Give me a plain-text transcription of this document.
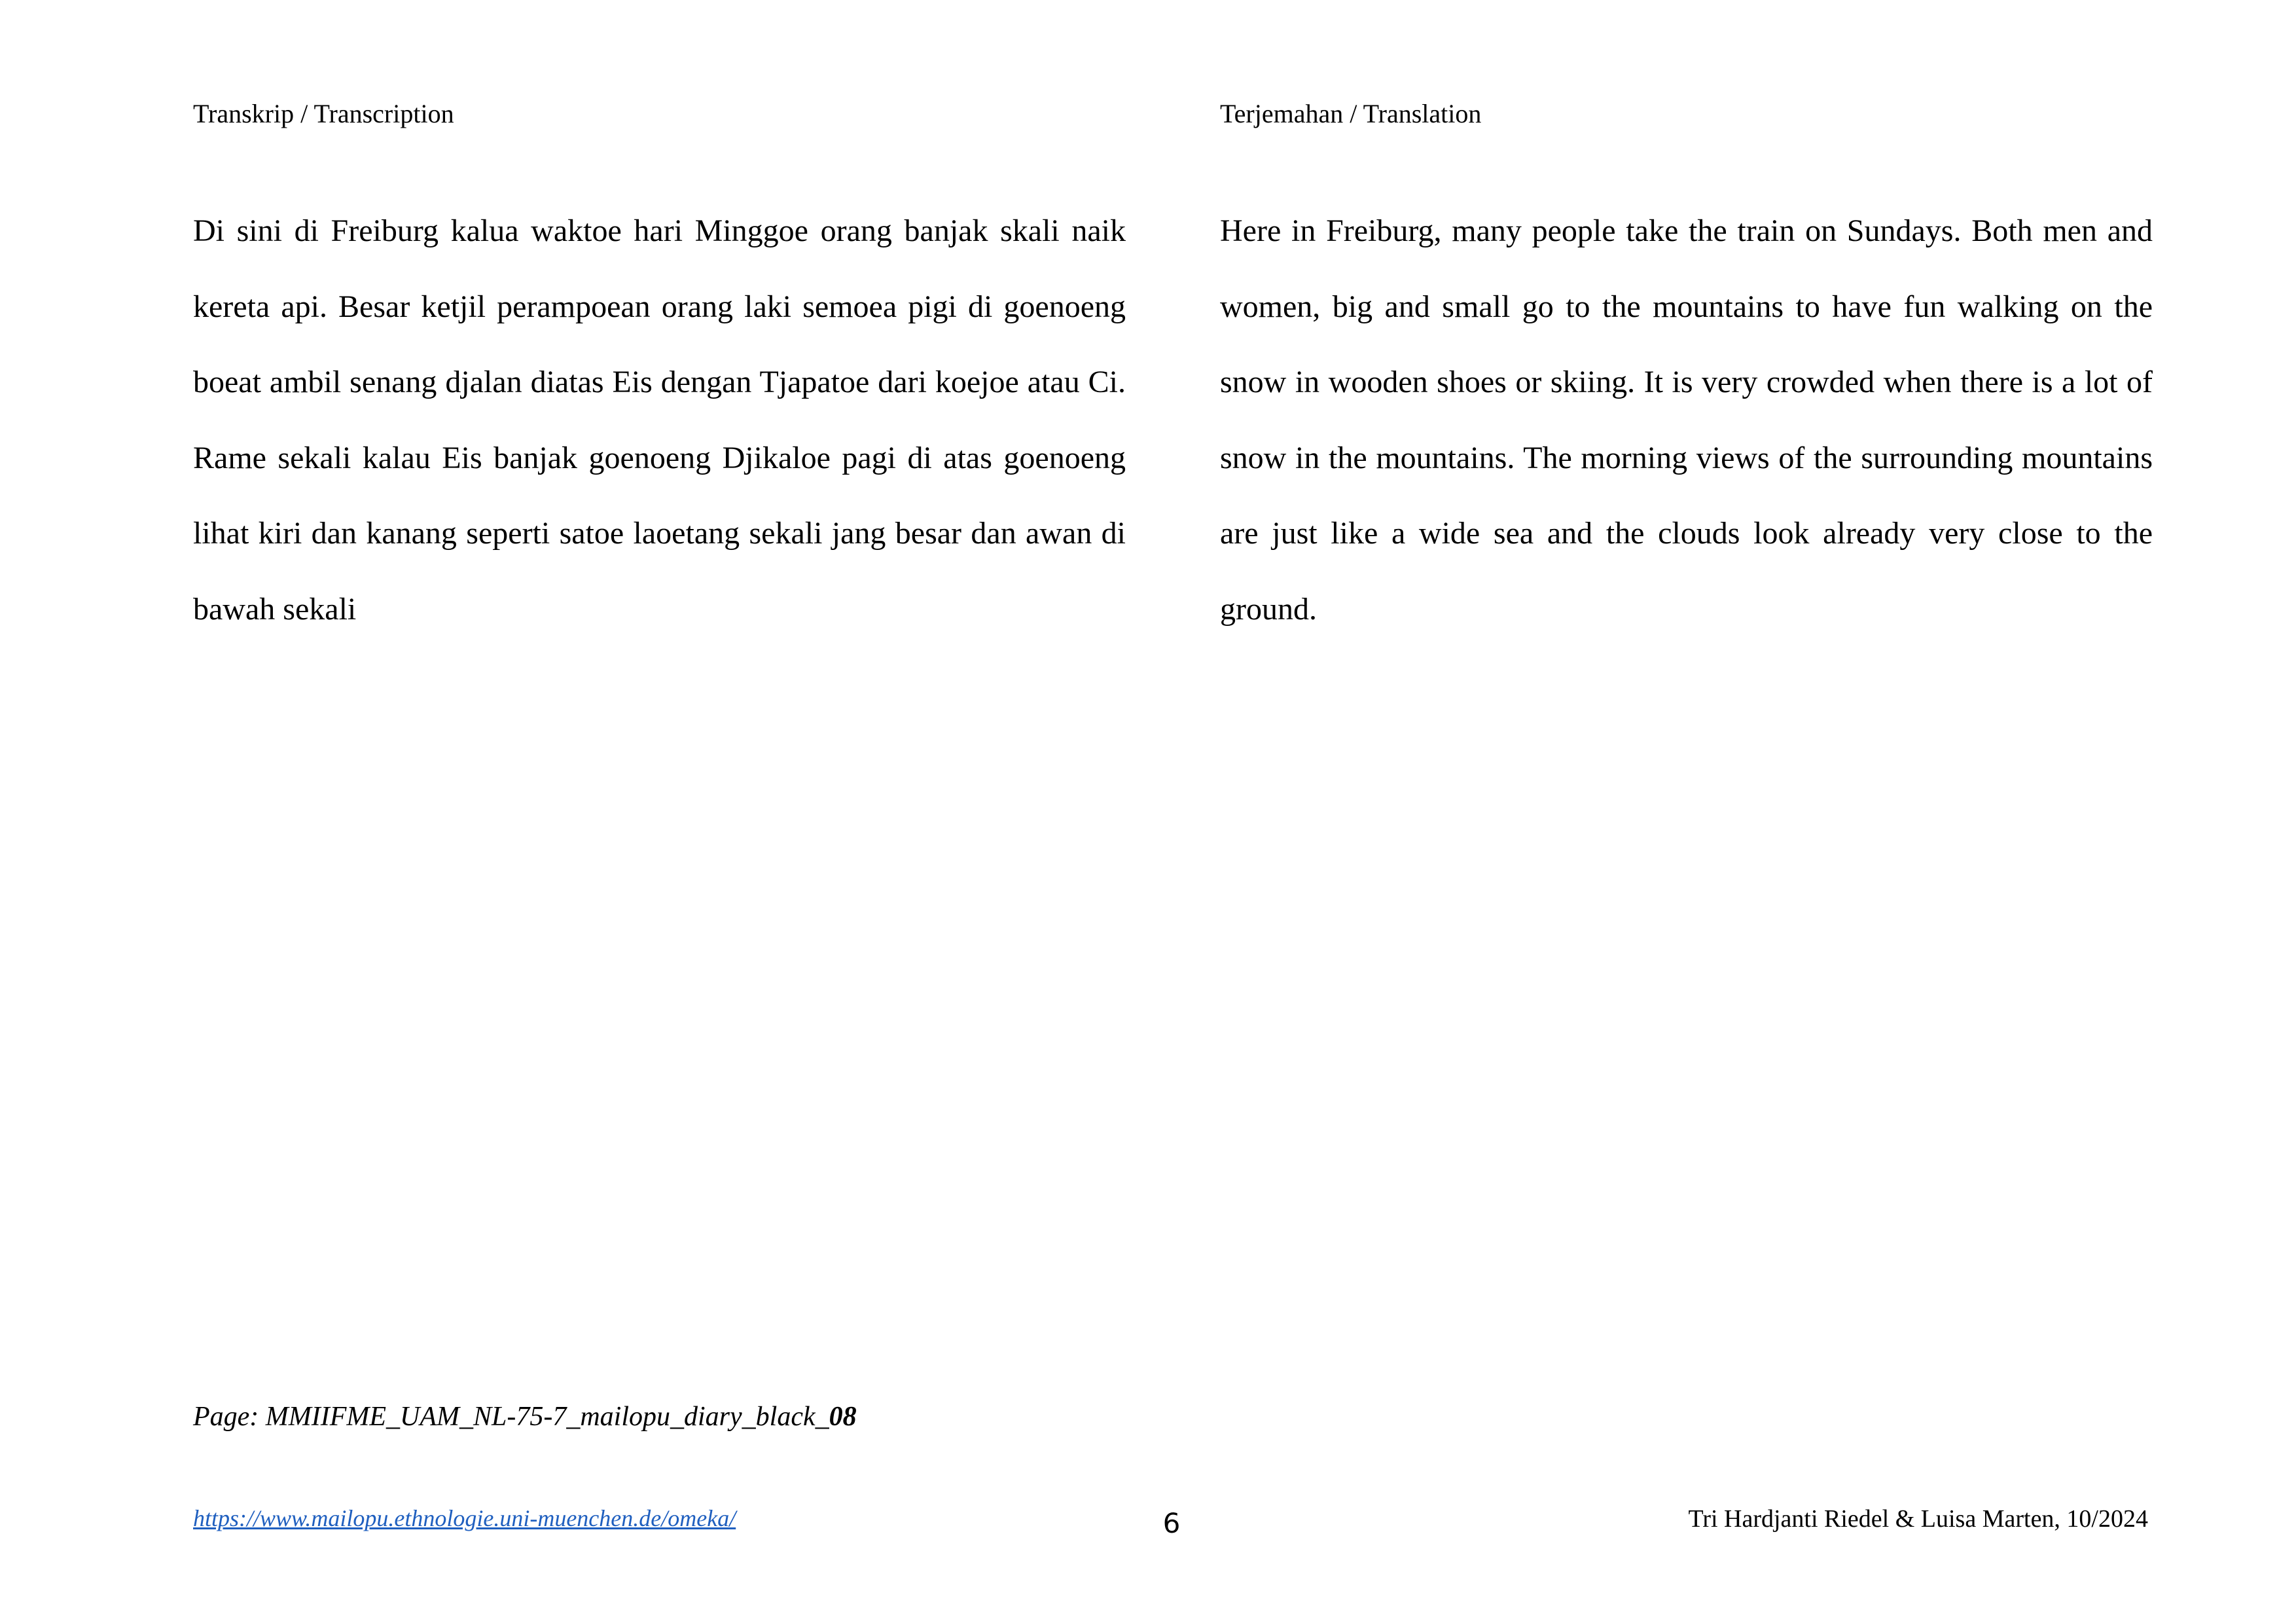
Transkrip / Transcription	Terjemahan / Translation
Di sini di Freiburg kalua waktoe hari Minggoe orang banjak skali naik kereta api. Besar ketjil perampoean orang laki semoea pigi di goenoeng boeat ambil senang djalan diatas Eis dengan Tjapatoe dari koejoe atau Ci. Rame sekali kalau Eis banjak goenoeng Djikaloe pagi di atas goenoeng lihat kiri dan kanang seperti satoe laoetang sekali jang besar dan awan di bawah sekali
Here in Freiburg, many people take the train on Sundays. Both men and women, big and small go to the mountains to have fun walking on the snow in wooden shoes or skiing. It is very crowded when there is a lot of snow in the mountains. The morning views of the surrounding mountains are just like a wide sea and the clouds look already very close to the ground.
Page: MMIIFME_UAM_NL-75-7_mailopu_diary_black_08
https://www.mailopu.ethnologie.uni-muenchen.de/omeka/	6	Tri Hardjanti Riedel & Luisa Marten, 10/2024
